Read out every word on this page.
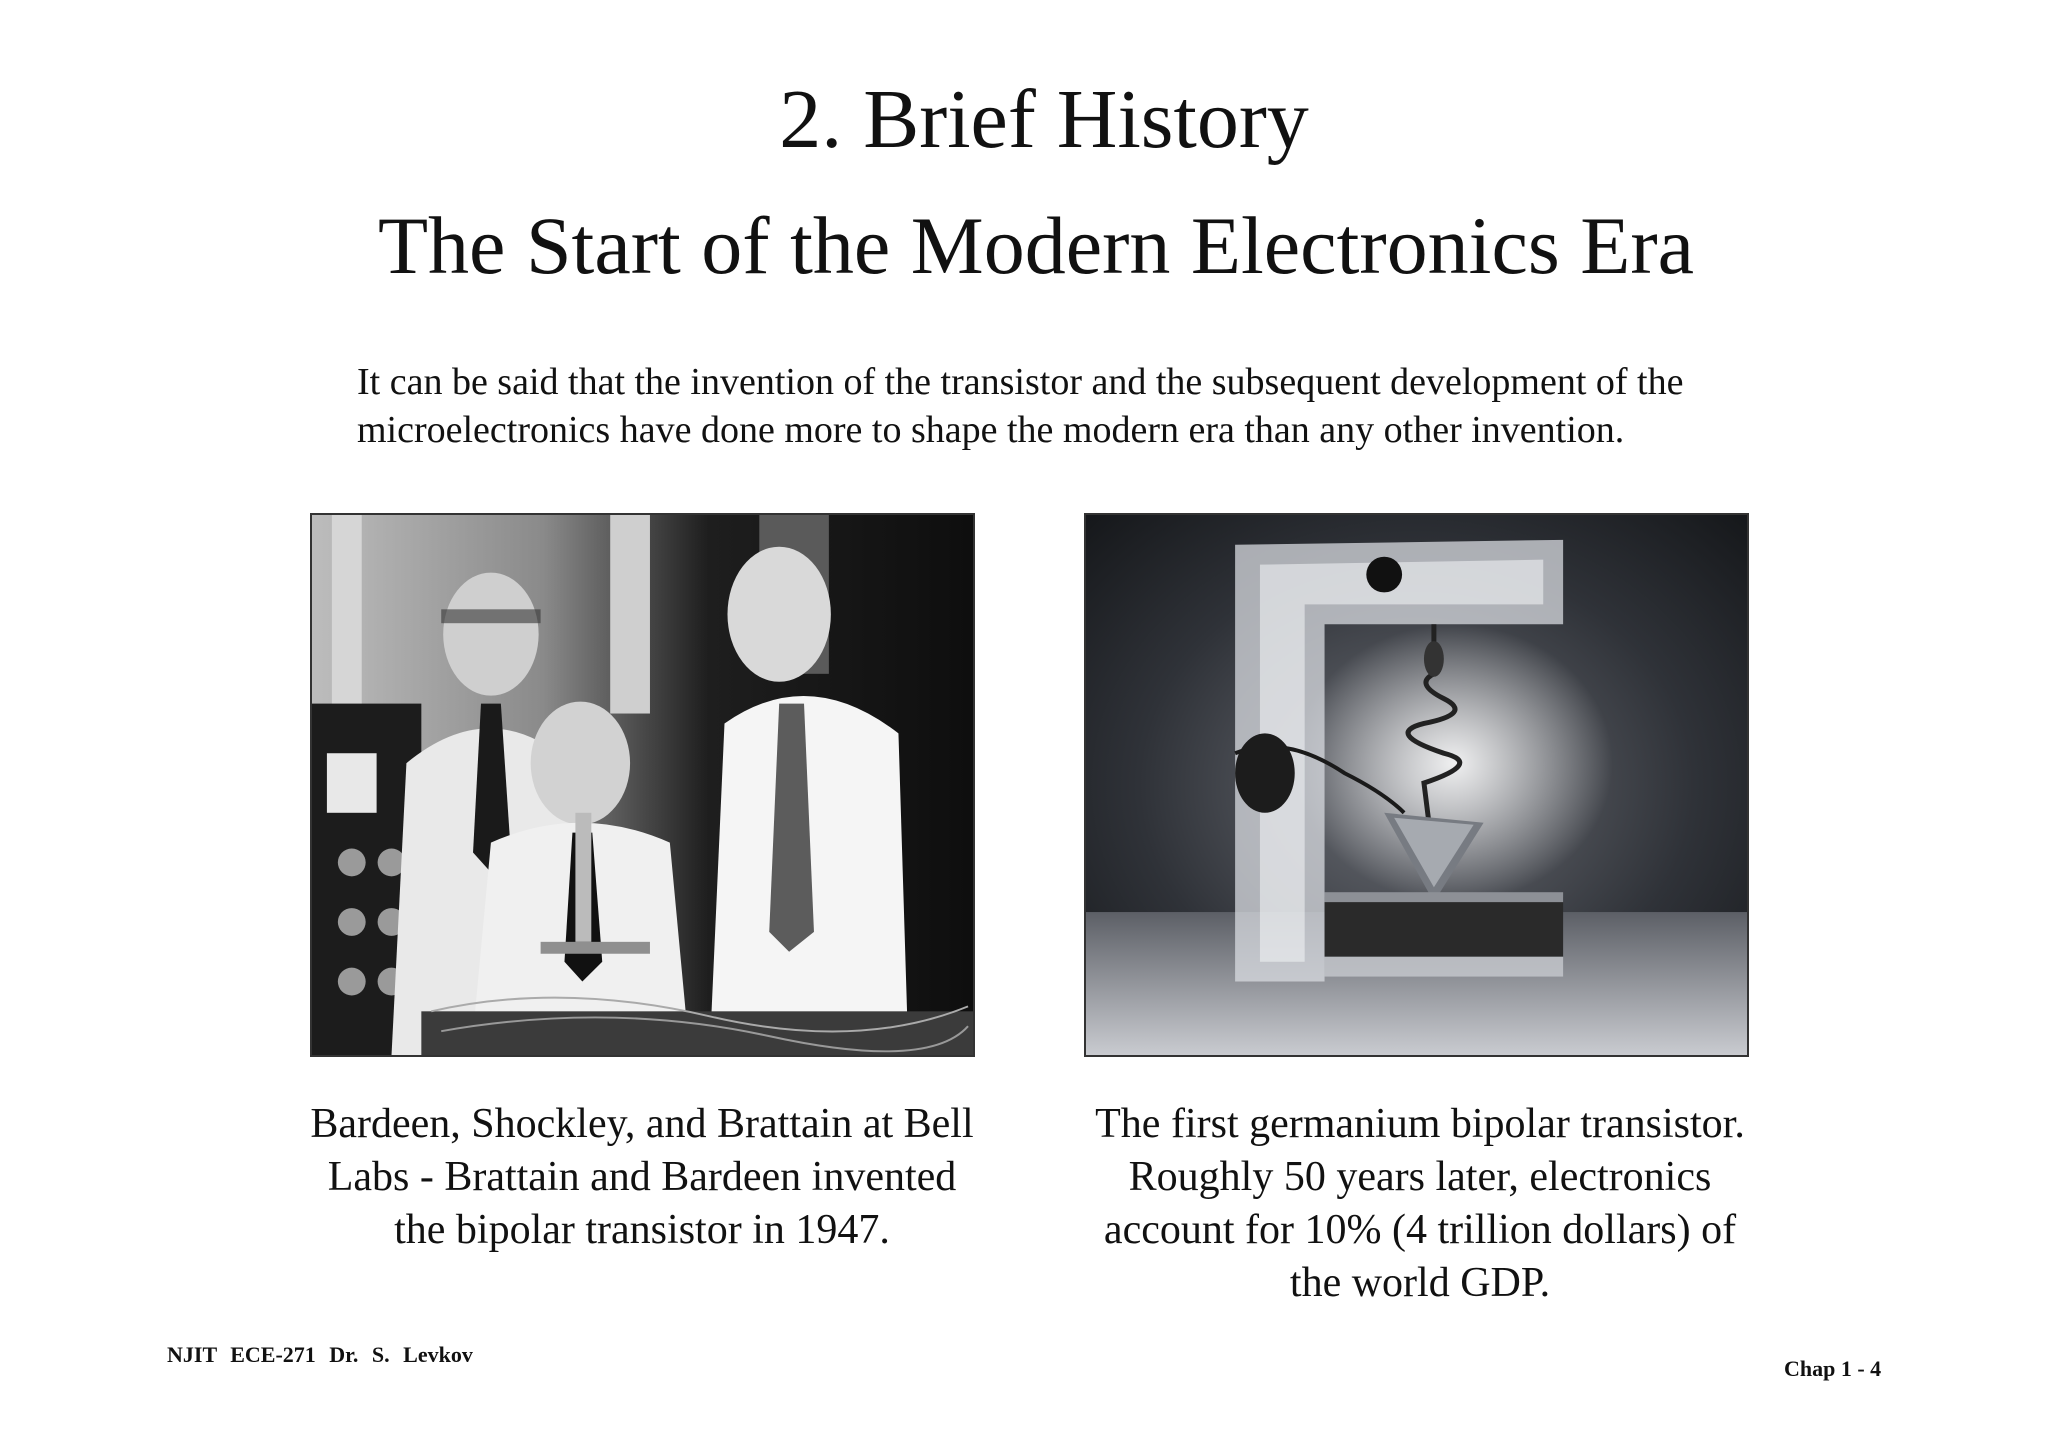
2. Brief History
The Start of the Modern Electronics Era
It can be said that the invention of the transistor and the subsequent development of the
microelectronics have done more to shape the modern era than any other invention.
Bardeen, Shockley, and Brattain at Bell
Labs - Brattain and Bardeen invented
the bipolar transistor in 1947.
The first germanium bipolar transistor.
Roughly 50 years later, electronics
account for 10% (4 trillion dollars) of
the world GDP.
NJIT ECE-271 Dr. S. Levkov
Chap 1 - 4
